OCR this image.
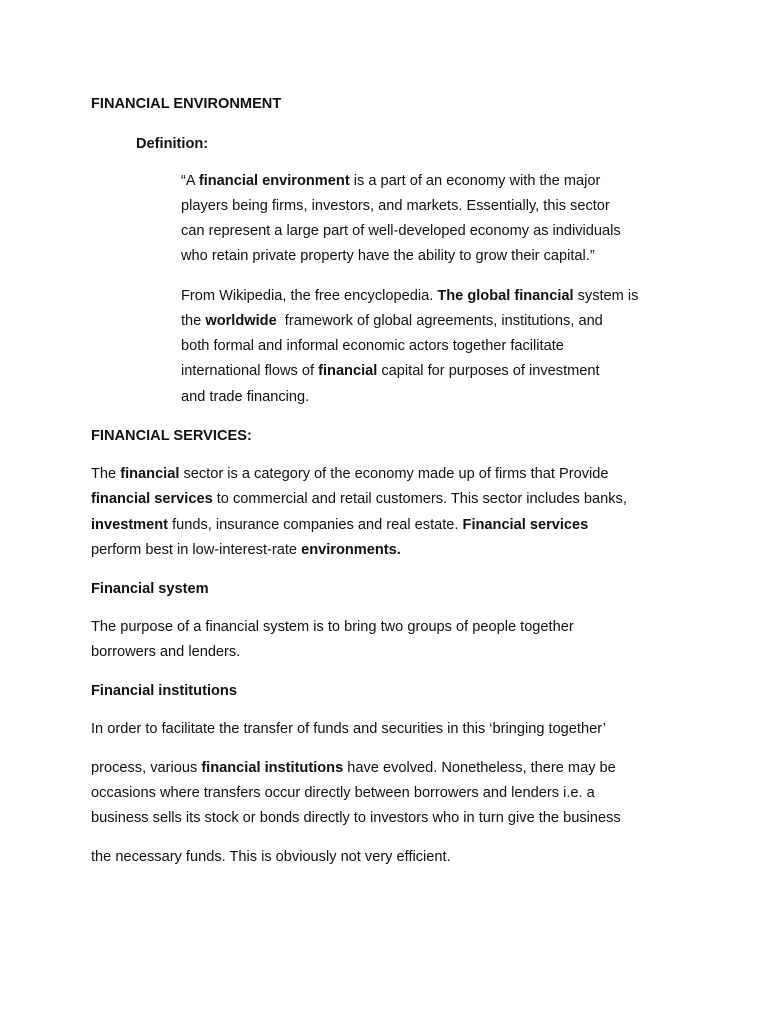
FINANCIAL ENVIRONMENT
Definition:
“A financial environment is a part of an economy with the major
players being firms, investors, and markets. Essentially, this sector
can represent a large part of well-developed economy as individuals
who retain private property have the ability to grow their capital.”
From Wikipedia, the free encyclopedia. The global financial system is
the worldwide  framework of global agreements, institutions, and
both formal and informal economic actors together facilitate
international flows of financial capital for purposes of investment
and trade financing.
FINANCIAL SERVICES:
The financial sector is a category of the economy made up of firms that Provide
financial services to commercial and retail customers. This sector includes banks,
investment funds, insurance companies and real estate. Financial services
perform best in low-interest-rate environments.
Financial system
The purpose of a financial system is to bring two groups of people together
borrowers and lenders.
Financial institutions
In order to facilitate the transfer of funds and securities in this ‘bringing together’
process, various financial institutions have evolved. Nonetheless, there may be
occasions where transfers occur directly between borrowers and lenders i.e. a
business sells its stock or bonds directly to investors who in turn give the business
the necessary funds. This is obviously not very efficient.
